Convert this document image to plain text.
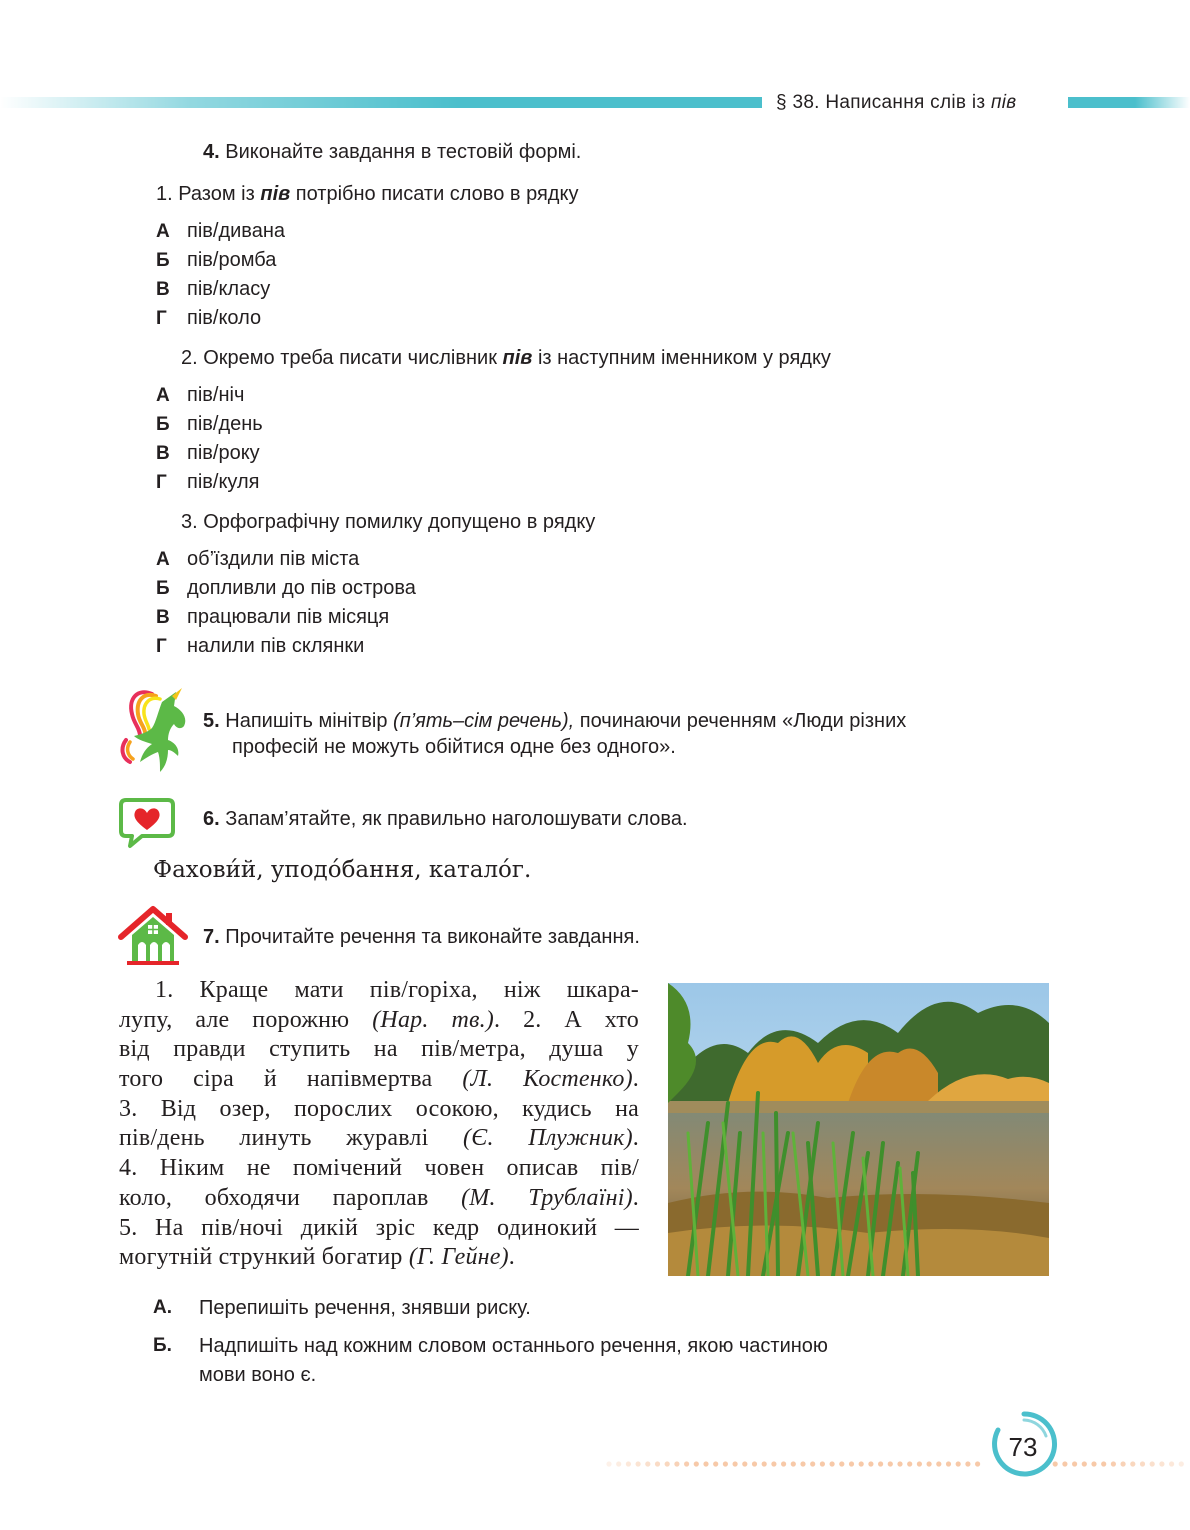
§ 38. Написання слів із пів
4. Виконайте завдання в тестовій формі.
1. Разом із пів потрібно писати слово в рядку
А пів/дивана
Б пів/ромба
В пів/класу
Г пів/коло
2. Окремо треба писати числівник пів із наступним іменником у рядку
А пів/ніч
Б пів/день
В пів/року
Г пів/куля
3. Орфографічну помилку допущено в рядку
А об’їздили пів міста
Б допливли до пів острова
В працювали пів місяця
Г налили пів склянки
5. Напишіть мінітвір (п’ять–сім речень), починаючи реченням «Люди різних
професій не можуть обійтися одне без одного».
6. Запам’ятайте, як правильно наголошувати слова.
Фахови́й, уподо́бання, катало́г.
7. Прочитайте речення та виконайте завдання.
1. Краще мати пів/горіха, ніж шкара-
лупу, але порожню (Нар. тв.). 2. А хто
від правди ступить на пів/метра, душа у
того сіра й напівмертва (Л. Костенко).
3. Від озер, порослих осокою, кудись на
пів/день линуть журавлі (Є. Плужник).
4. Ніким не помічений човен описав пів/
коло, обходячи пароплав (М. Трублаїні).
5. На пів/ночі дикій зріс кедр одинокий —
могутній стрункий богатир (Г. Гейне).
А. Перепишіть речення, знявши риску.
Б. Надпишіть над кожним словом останнього речення, якою частиною
мови воно є.
73
